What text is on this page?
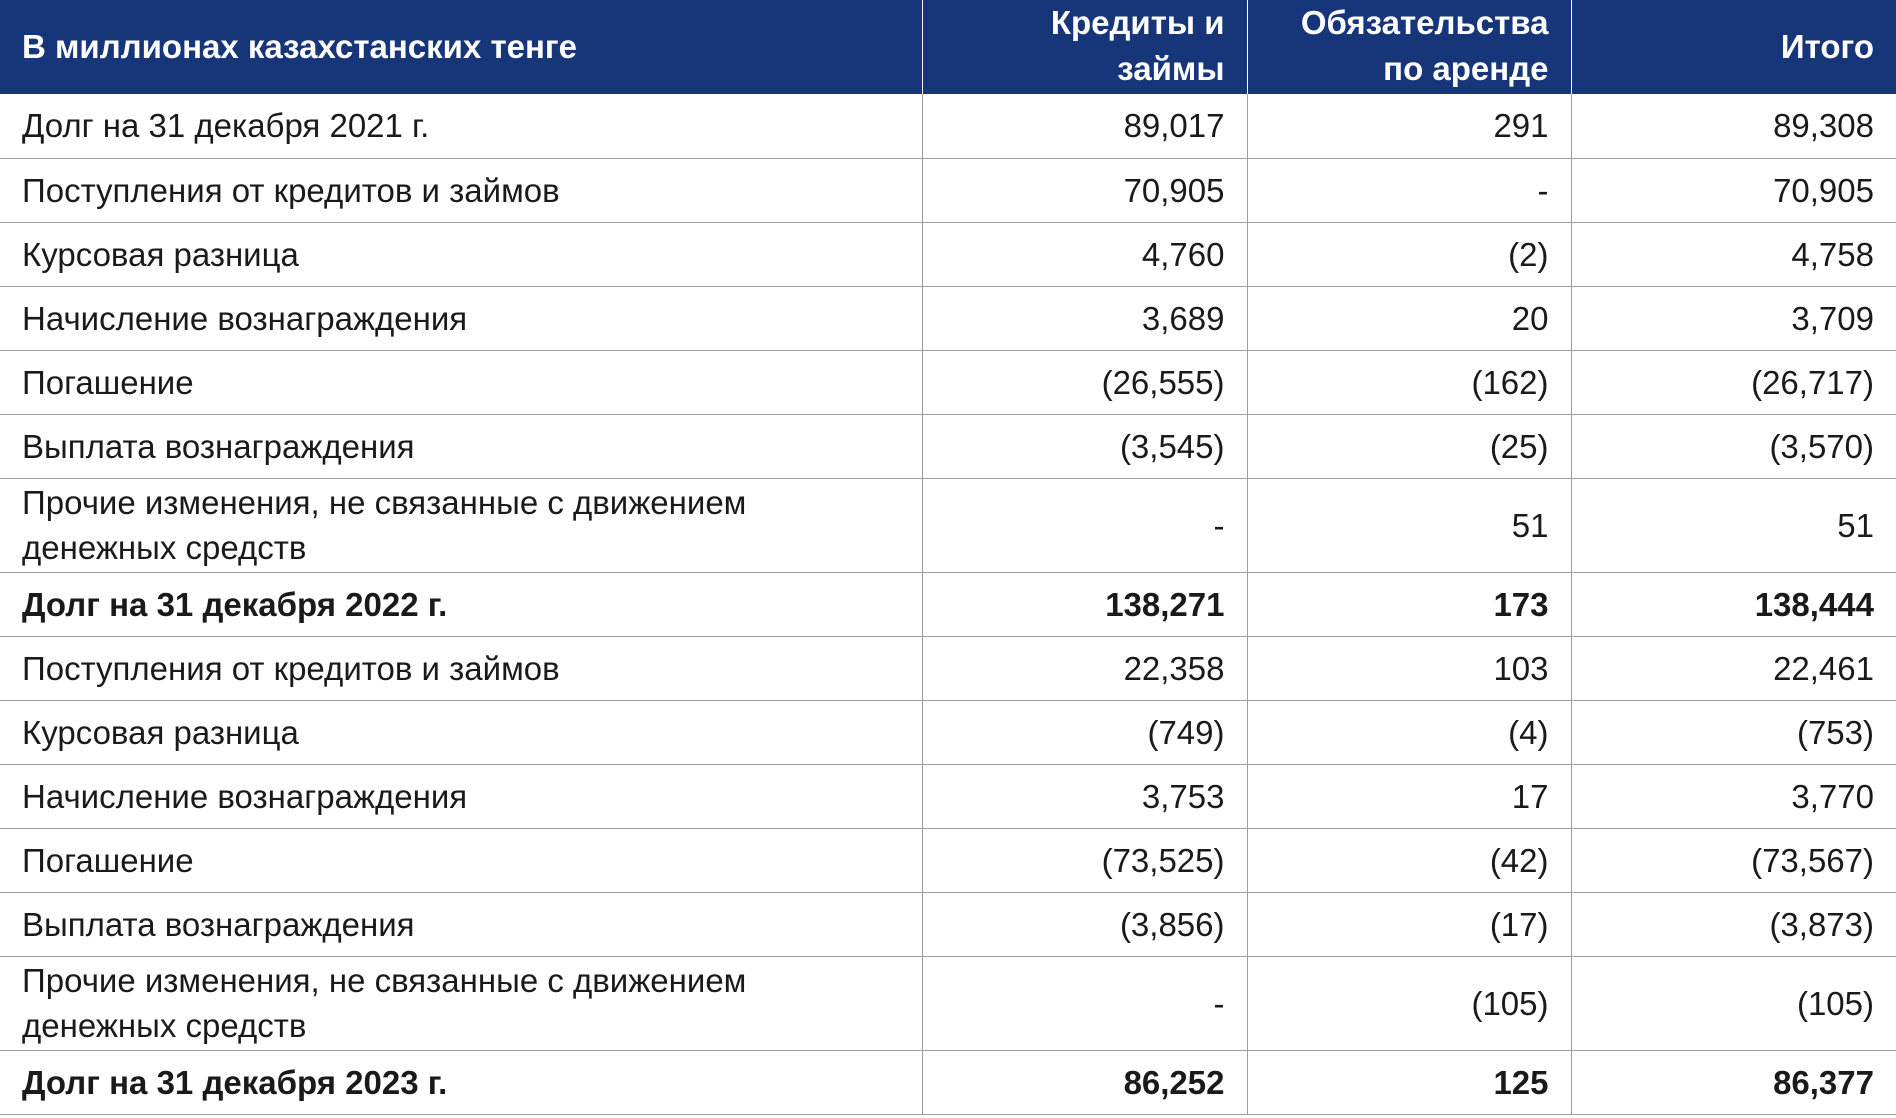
В миллионах казахстанских тенге	Кредиты и займы	Обязательства по аренде	Итого
Долг на 31 декабря 2021 г.	89,017	291	89,308
Поступления от кредитов и займов	70,905	-	70,905
Курсовая разница	4,760	(2)	4,758
Начисление вознаграждения	3,689	20	3,709
Погашение	(26,555)	(162)	(26,717)
Выплата вознаграждения	(3,545)	(25)	(3,570)

Прочие изменения, не связанные с движением денежных средств	-	51	51
Долг на 31 декабря 2022 г.	138,271	173	138,444
Поступления от кредитов и займов	22,358	103	22,461
Курсовая разница	(749)	(4)	(753)
Начисление вознаграждения	3,753	17	3,770
Погашение	(73,525)	(42)	(73,567)
Выплата вознаграждения	(3,856)	(17)	(3,873)

Прочие изменения, не связанные с движением денежных средств	-	(105)	(105)
Долг на 31 декабря 2023 г.	86,252	125	86,377
